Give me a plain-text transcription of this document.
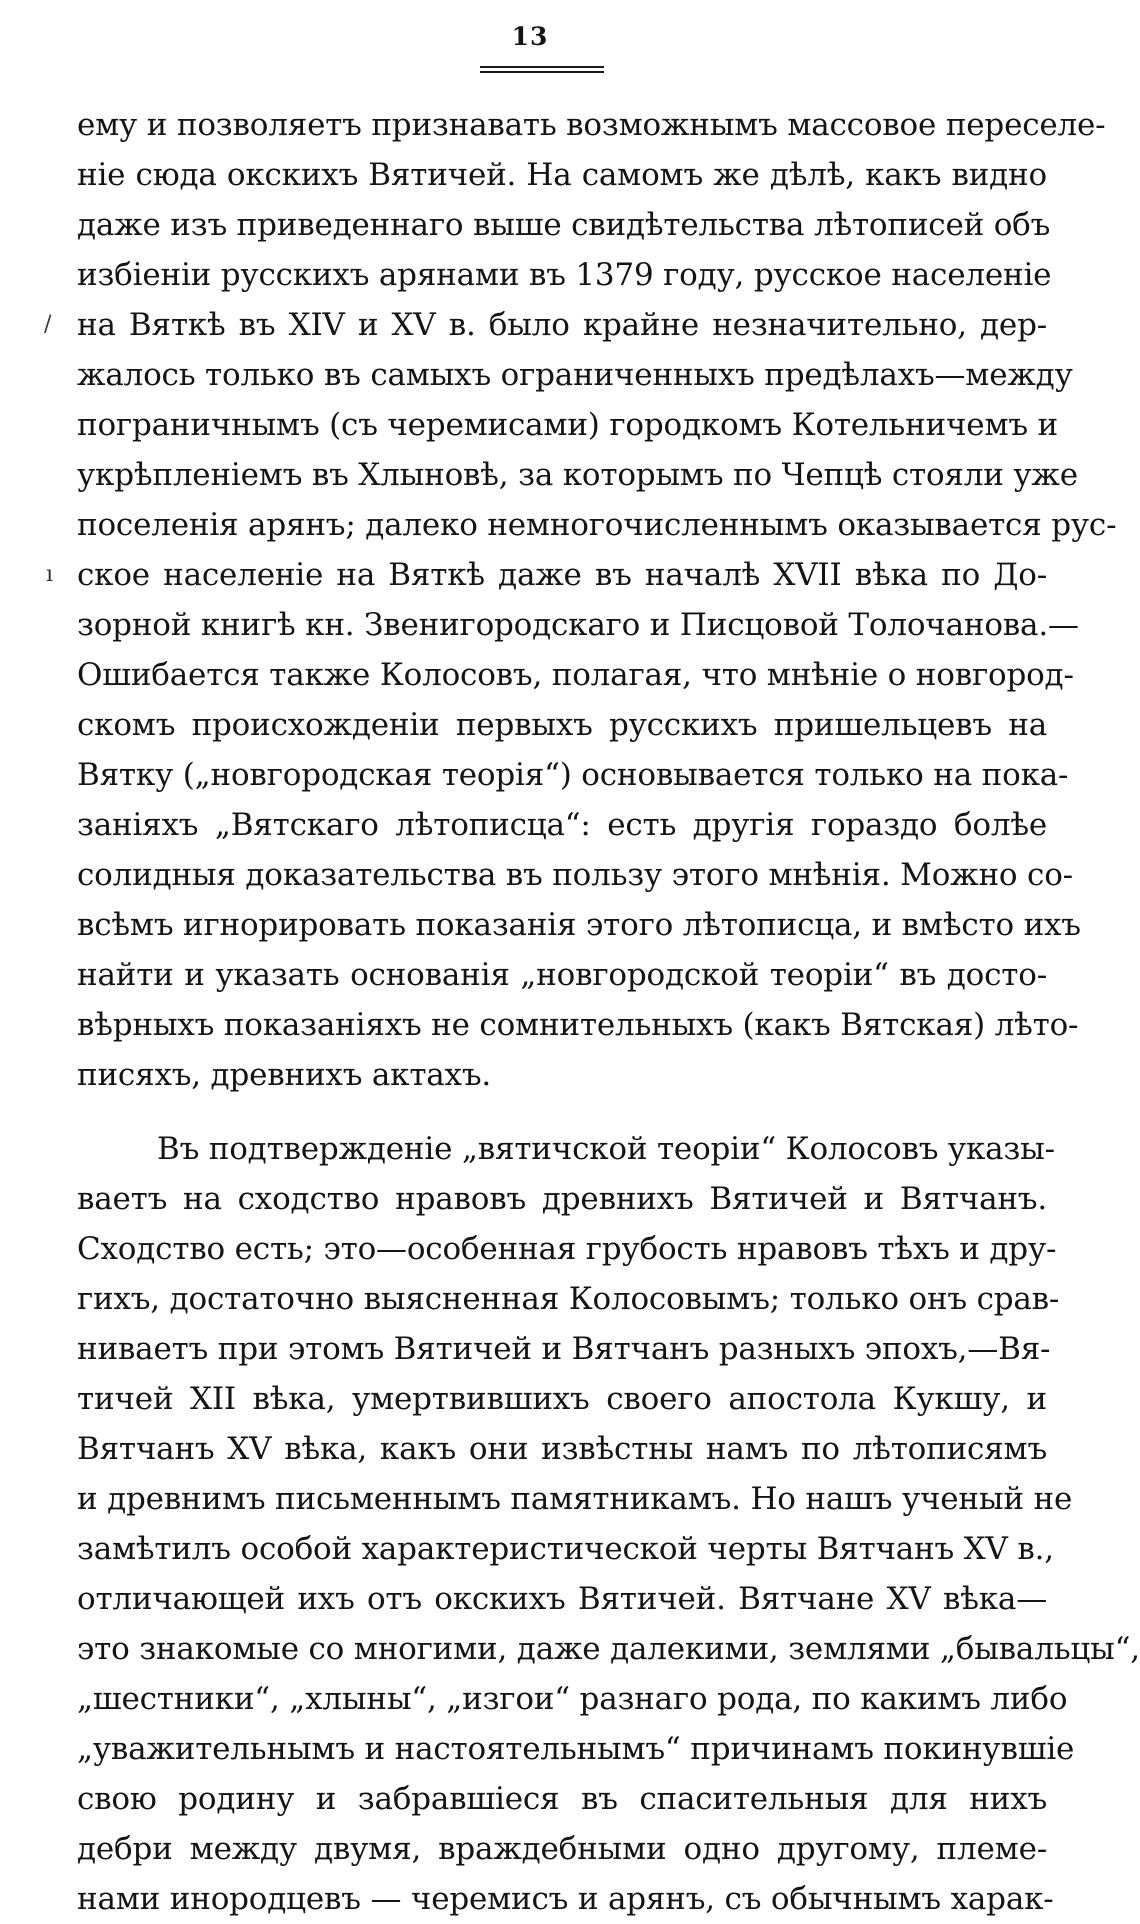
13
/
ı
ему и позволяетъ признавать возможнымъ массовое переселе-
ніе сюда окскихъ Вятичей. На самомъ же дѣлѣ, какъ видно
даже изъ приведеннаго выше свидѣтельства лѣтописей объ
избіеніи русскихъ арянами въ 1379 году, русское населеніе
на Вяткѣ въ XIV и XV в. было крайне незначительно, дер-
жалось только въ самыхъ ограниченныхъ предѣлахъ—между
пограничнымъ (съ черемисами) городкомъ Котельничемъ и
укрѣпленіемъ въ Хлыновѣ, за которымъ по Чепцѣ стояли уже
поселенія арянъ; далеко немногочисленнымъ оказывается рус-
ское населеніе на Вяткѣ даже въ началѣ XVII вѣка по До-
зорной книгѣ кн. Звенигородскаго и Писцовой Толочанова.—
Ошибается также Колосовъ, полагая, что мнѣніе о новгород-
скомъ происхожденіи первыхъ русскихъ пришельцевъ на
Вятку („новгородская теорія“) основывается только на пока-
заніяхъ „Вятскаго лѣтописца“: есть другія гораздо болѣе
солидныя доказательства въ пользу этого мнѣнія. Можно со-
всѣмъ игнорировать показанія этого лѣтописца, и вмѣсто ихъ
найти и указать основанія „новгородской теоріи“ въ досто-
вѣрныхъ показаніяхъ не сомнительныхъ (какъ Вятская) лѣто-
писяхъ, древнихъ актахъ.
Въ подтвержденіе „вятичской теоріи“ Колосовъ указы-
ваетъ на сходство нравовъ древнихъ Вятичей и Вятчанъ.
Сходство есть; это—особенная грубость нравовъ тѣхъ и дру-
гихъ, достаточно выясненная Колосовымъ; только онъ срав-
ниваетъ при этомъ Вятичей и Вятчанъ разныхъ эпохъ,—Вя-
тичей XII вѣка, умертвившихъ своего апостола Кукшу, и
Вятчанъ XV вѣка, какъ они извѣстны намъ по лѣтописямъ
и древнимъ письменнымъ памятникамъ. Но нашъ ученый не
замѣтилъ особой характеристической черты Вятчанъ XV в.,
отличающей ихъ отъ окскихъ Вятичей. Вятчане XV вѣка—
это знакомые со многими, даже далекими, землями „бывальцы“,
„шестники“, „хлыны“, „изгои“ разнаго рода, по какимъ либо
„уважительнымъ и настоятельнымъ“ причинамъ покинувшіе
свою родину и забравшіеся въ спасительныя для нихъ
дебри между двумя, враждебными одно другому, племе-
нами инородцевъ — черемисъ и арянъ, съ обычнымъ харак-
